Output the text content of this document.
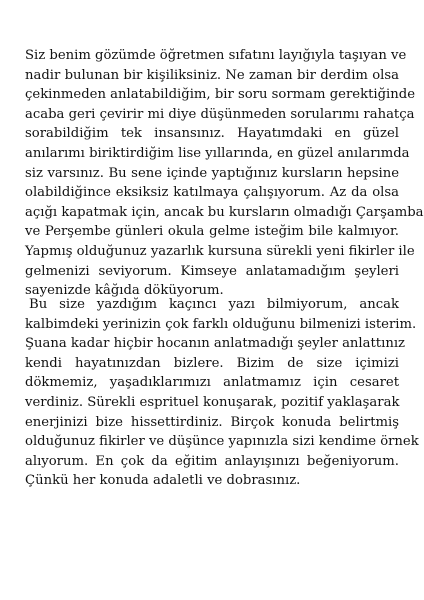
Siz benim gözümde öğretmen sıfatını layığıyla taşıyan ve
nadir bulunan bir kişiliksiniz. Ne zaman bir derdim olsa
çekinmeden anlatabildiğim, bir soru sormam gerektiğinde
acaba geri çevirir mi diye düşünmeden sorularımı rahatça
sorabildiğim tek insansınız. Hayatımdaki en güzel
anılarımı biriktirdiğim lise yıllarında, en güzel anılarımda
siz varsınız. Bu sene içinde yaptığınız kursların hepsine
olabildiğince eksiksiz katılmaya çalışıyorum. Az da olsa
açığı kapatmak için, ancak bu kursların olmadığı Çarşamba
ve Perşembe günleri okula gelme isteğim bile kalmıyor.
Yapmış olduğunuz yazarlık kursuna sürekli yeni fikirler ile
gelmenizi seviyorum. Kimseye anlatamadığım şeyleri
sayenizde kâğıda döküyorum.
Bu size yazdığım kaçıncı yazı bilmiyorum, ancak
kalbimdeki yerinizin çok farklı olduğunu bilmenizi isterim.
Şuana kadar hiçbir hocanın anlatmadığı şeyler anlattınız
kendi hayatınızdan bizlere. Bizim de size içimizi
dökmemiz, yaşadıklarımızı anlatmamız için cesaret
verdiniz. Sürekli esprituel konuşarak, pozitif yaklaşarak
enerjinizi bize hissettirdiniz. Birçok konuda belirtmiş
olduğunuz fikirler ve düşünce yapınızla sizi kendime örnek
alıyorum. En çok da eğitim anlayışınızı beğeniyorum.
Çünkü her konuda adaletli ve dobrasınız.
